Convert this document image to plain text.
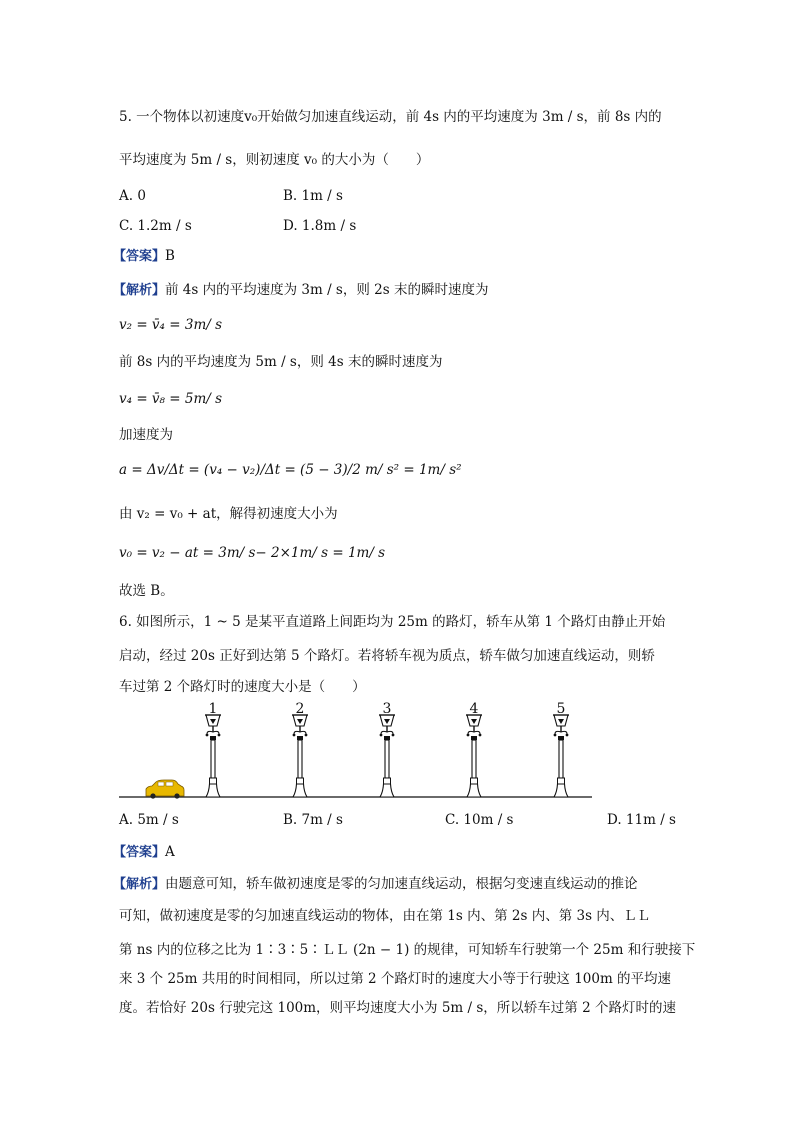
5. 一个物体以初速度v₀开始做匀加速直线运动，前 4s 内的平均速度为 3m / s，前 8s 内的
平均速度为 5m / s，则初速度 v₀ 的大小为（　　）
A. 0	B. 1m / s
C. 1.2m / s	D. 1.8m / s
【答案】B
【解析】前 4s 内的平均速度为 3m / s，则 2s 末的瞬时速度为
v₂ = v̄₄ = 3m/ s
前 8s 内的平均速度为 5m / s，则 4s 末的瞬时速度为
v₄ = v̄₈ = 5m/ s
加速度为
a = Δv/Δt = (v₄ − v₂)/Δt = (5 − 3)/2 m/ s² = 1m/ s²
由 v₂ = v₀ + at，解得初速度大小为
v₀ = v₂ − at = 3m/ s− 2×1m/ s = 1m/ s
故选 B。
6. 如图所示，1 ~ 5 是某平直道路上间距均为 25m 的路灯，轿车从第 1 个路灯由静止开始
启动，经过 20s 正好到达第 5 个路灯。若将轿车视为质点，轿车做匀加速直线运动，则轿
车过第 2 个路灯时的速度大小是（　　）
1	2	3	4	5
A. 5m / s	B. 7m / s	C. 10m / s	D. 11m / s
【答案】A
【解析】由题意可知，轿车做初速度是零的匀加速直线运动，根据匀变速直线运动的推论
可知，做初速度是零的匀加速直线运动的物体，由在第 1s 内、第 2s 内、第 3s 内、ＬＬ
第 ns 内的位移之比为 1∶3∶5∶ＬＬ (2n − 1) 的规律，可知轿车行驶第一个 25m 和行驶接下
来 3 个 25m 共用的时间相同，所以过第 2 个路灯时的速度大小等于行驶这 100m 的平均速
度。若恰好 20s 行驶完这 100m，则平均速度大小为 5m / s，所以轿车过第 2 个路灯时的速
